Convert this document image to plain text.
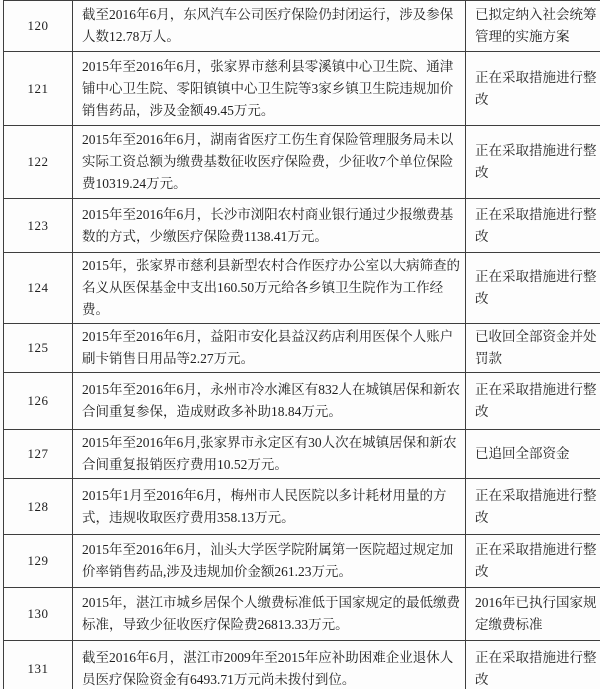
120	截至2016年6月，东风汽车公司医疗保险仍封闭运行，涉及参保人数12.78万人。	已拟定纳入社会统筹管理的实施方案
121	2015年至2016年6月，张家界市慈利县零溪镇中心卫生院、通津铺中心卫生院、零阳镇镇中心卫生院等3家乡镇卫生院违规加价销售药品，涉及金额49.45万元。	正在采取措施进行整改
122	2015年至2016年6月，湖南省医疗工伤生育保险管理服务局未以实际工资总额为缴费基数征收医疗保险费，少征收7个单位保险费10319.24万元。	正在采取措施进行整改
123	2015年至2016年6月，长沙市浏阳农村商业银行通过少报缴费基数的方式，少缴医疗保险费1138.41万元。	正在采取措施进行整改
124	2015年，张家界市慈利县新型农村合作医疗办公室以大病筛查的名义从医保基金中支出160.50万元给各乡镇卫生院作为工作经费。	正在采取措施进行整改
125	2015年至2016年6月，益阳市安化县益汉药店利用医保个人账户刷卡销售日用品等2.27万元。	已收回全部资金并处罚款
126	2015年至2016年6月，永州市冷水滩区有832人在城镇居保和新农合间重复参保，造成财政多补助18.84万元。	正在采取措施进行整改
127	2015年至2016年6月,张家界市永定区有30人次在城镇居保和新农合间重复报销医疗费用10.52万元。	已追回全部资金
128	2015年1月至2016年6月，梅州市人民医院以多计耗材用量的方式，违规收取医疗费用358.13万元。	正在采取措施进行整改
129	2015年至2016年6月，汕头大学医学院附属第一医院超过规定加价率销售药品,涉及违规加价金额261.23万元。	正在采取措施进行整改
130	2015年，湛江市城乡居保个人缴费标准低于国家规定的最低缴费标准，导致少征收医疗保险费26813.33万元。	2016年已执行国家规定缴费标准
131	截至2016年6月，湛江市2009年至2015年应补助困难企业退休人员医疗保险资金有6493.71万元尚未拨付到位。	正在采取措施进行整改
